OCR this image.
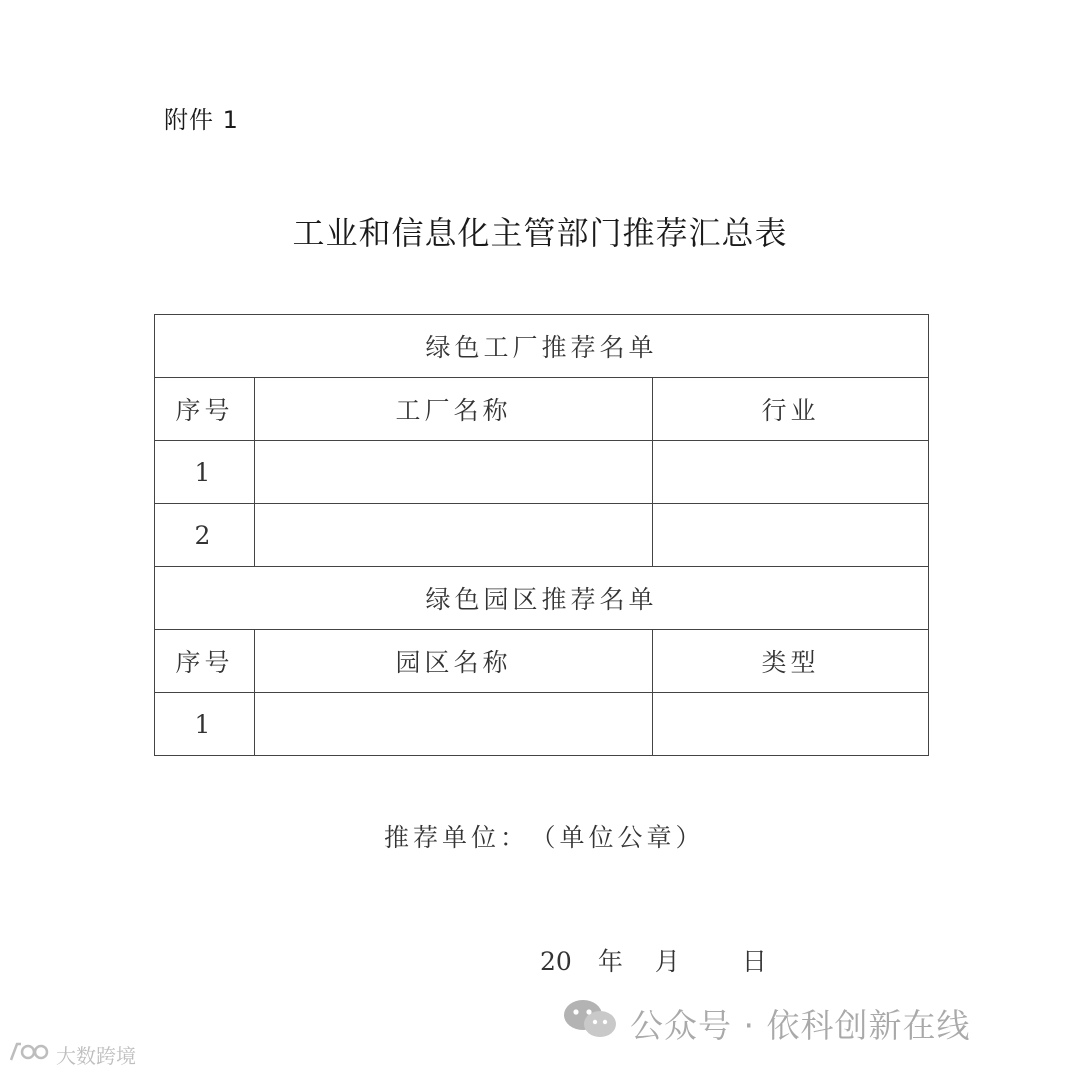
附件 1
工业和信息化主管部门推荐汇总表
绿色工厂推荐名单		
序号	工厂名称	行业
1		
2		
绿色园区推荐名单		
序号	园区名称	类型
1		
推荐单位： （单位公章）
20 年 月 日
公众号 · 依科创新在线
大数跨境
